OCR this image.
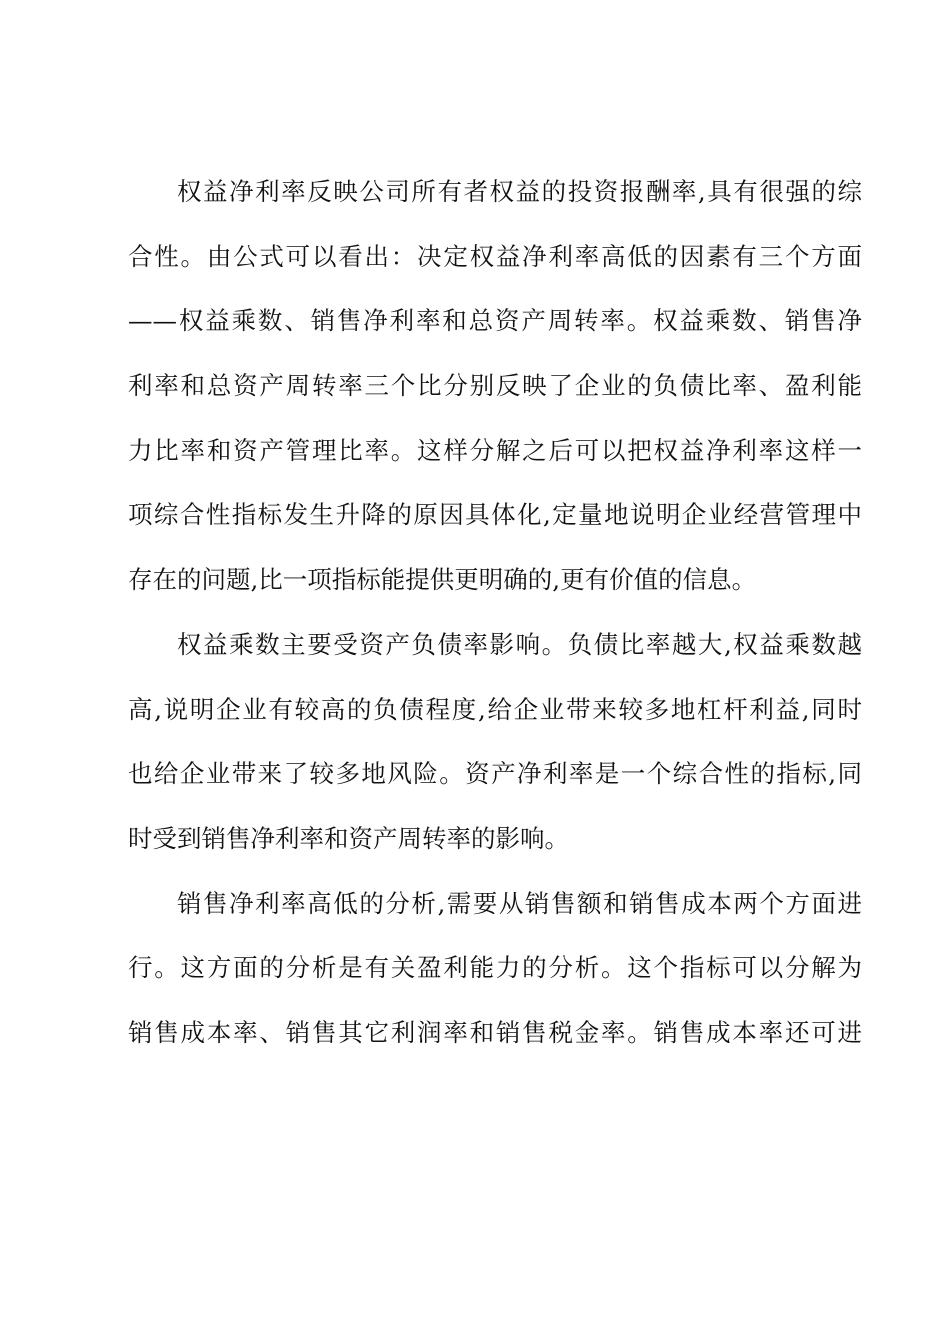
权益净利率反映公司所有者权益的投资报酬率,具有很强的综
合性。由公式可以看出：决定权益净利率高低的因素有三个方面
——权益乘数、销售净利率和总资产周转率。权益乘数、销售净
利率和总资产周转率三个比分别反映了企业的负债比率、盈利能
力比率和资产管理比率。这样分解之后可以把权益净利率这样一
项综合性指标发生升降的原因具体化,定量地说明企业经营管理中
存在的问题,比一项指标能提供更明确的,更有价值的信息。
权益乘数主要受资产负债率影响。负债比率越大,权益乘数越
高,说明企业有较高的负债程度,给企业带来较多地杠杆利益,同时
也给企业带来了较多地风险。资产净利率是一个综合性的指标,同
时受到销售净利率和资产周转率的影响。
销售净利率高低的分析,需要从销售额和销售成本两个方面进
行。这方面的分析是有关盈利能力的分析。这个指标可以分解为
销售成本率、销售其它利润率和销售税金率。销售成本率还可进
